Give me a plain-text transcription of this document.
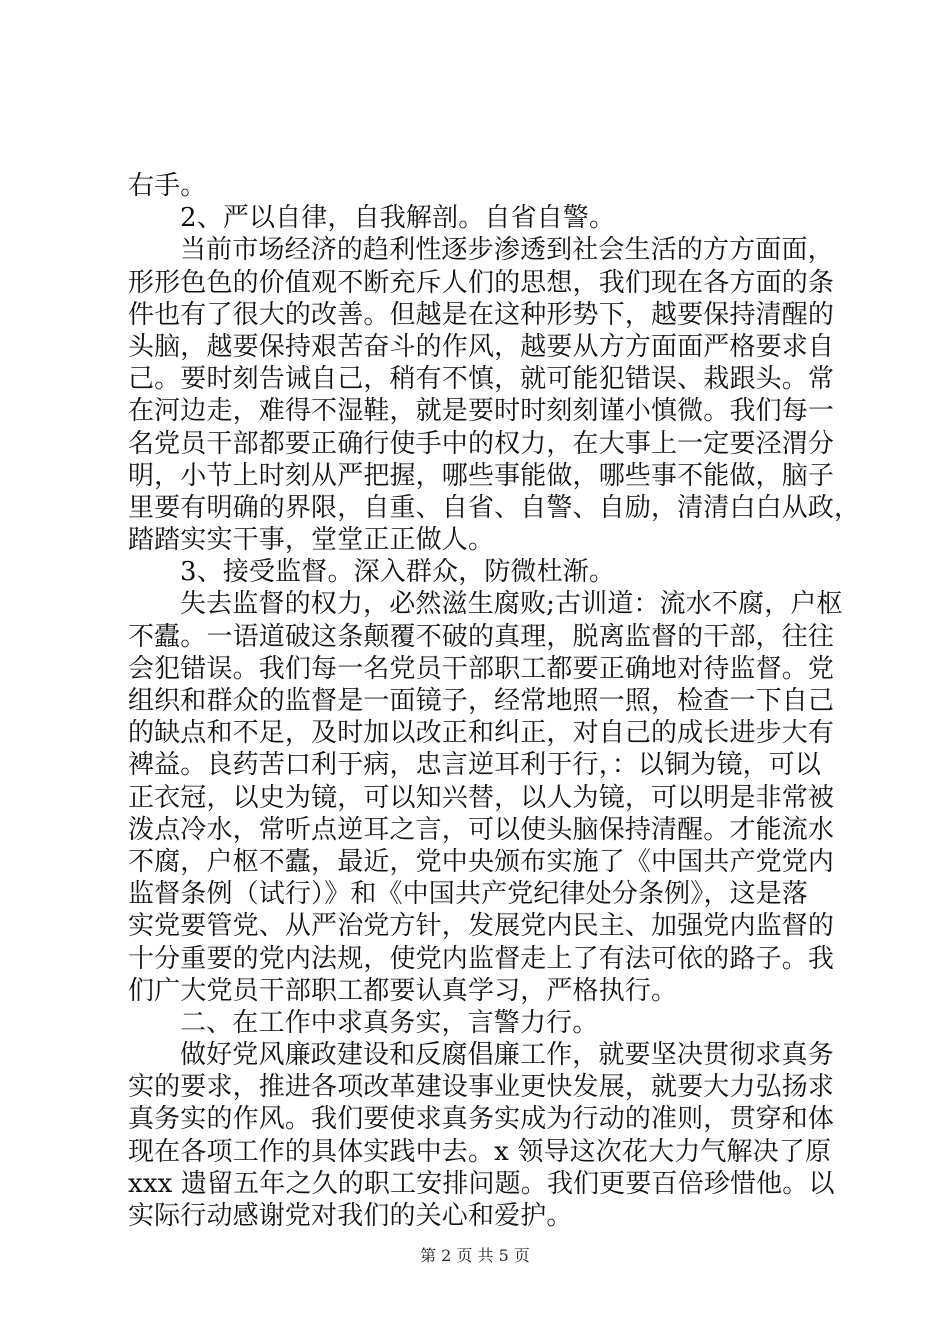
右手。
2、严以自律，自我解剖。自省自警。
当前市场经济的趋利性逐步渗透到社会生活的方方面面，
形形色色的价值观不断充斥人们的思想，我们现在各方面的条
件也有了很大的改善。但越是在这种形势下，越要保持清醒的
头脑，越要保持艰苦奋斗的作风，越要从方方面面严格要求自
己。要时刻告诫自己，稍有不慎，就可能犯错误、栽跟头。常
在河边走，难得不湿鞋，就是要时时刻刻谨小慎微。我们每一
名党员干部都要正确行使手中的权力，在大事上一定要泾渭分
明，小节上时刻从严把握，哪些事能做，哪些事不能做，脑子
里要有明确的界限，自重、自省、自警、自励，清清白白从政，
踏踏实实干事，堂堂正正做人。
3、接受监督。深入群众，防微杜渐。
失去监督的权力，必然滋生腐败;古训道：流水不腐，户枢
不蠹。一语道破这条颠覆不破的真理，脱离监督的干部，往往
会犯错误。我们每一名党员干部职工都要正确地对待监督。党
组织和群众的监督是一面镜子，经常地照一照，检查一下自己
的缺点和不足，及时加以改正和纠正，对自己的成长进步大有
裨益。良药苦口利于病，忠言逆耳利于行，：以铜为镜，可以
正衣冠，以史为镜，可以知兴替，以人为镜，可以明是非常被
泼点冷水，常听点逆耳之言，可以使头脑保持清醒。才能流水
不腐，户枢不蠹，最近，党中央颁布实施了《中国共产党党内
监督条例（试行）》和《中国共产党纪律处分条例》，这是落
实党要管党、从严治党方针，发展党内民主、加强党内监督的
十分重要的党内法规，使党内监督走上了有法可依的路子。我
们广大党员干部职工都要认真学习，严格执行。
二、在工作中求真务实，言警力行。
做好党风廉政建设和反腐倡廉工作，就要坚决贯彻求真务
实的要求，推进各项改革建设事业更快发展，就要大力弘扬求
真务实的作风。我们要使求真务实成为行动的准则，贯穿和体
现在各项工作的具体实践中去。x 领导这次花大力气解决了原
xxx 遗留五年之久的职工安排问题。我们更要百倍珍惜他。以
实际行动感谢党对我们的关心和爱护。
第 2 页 共 5 页
